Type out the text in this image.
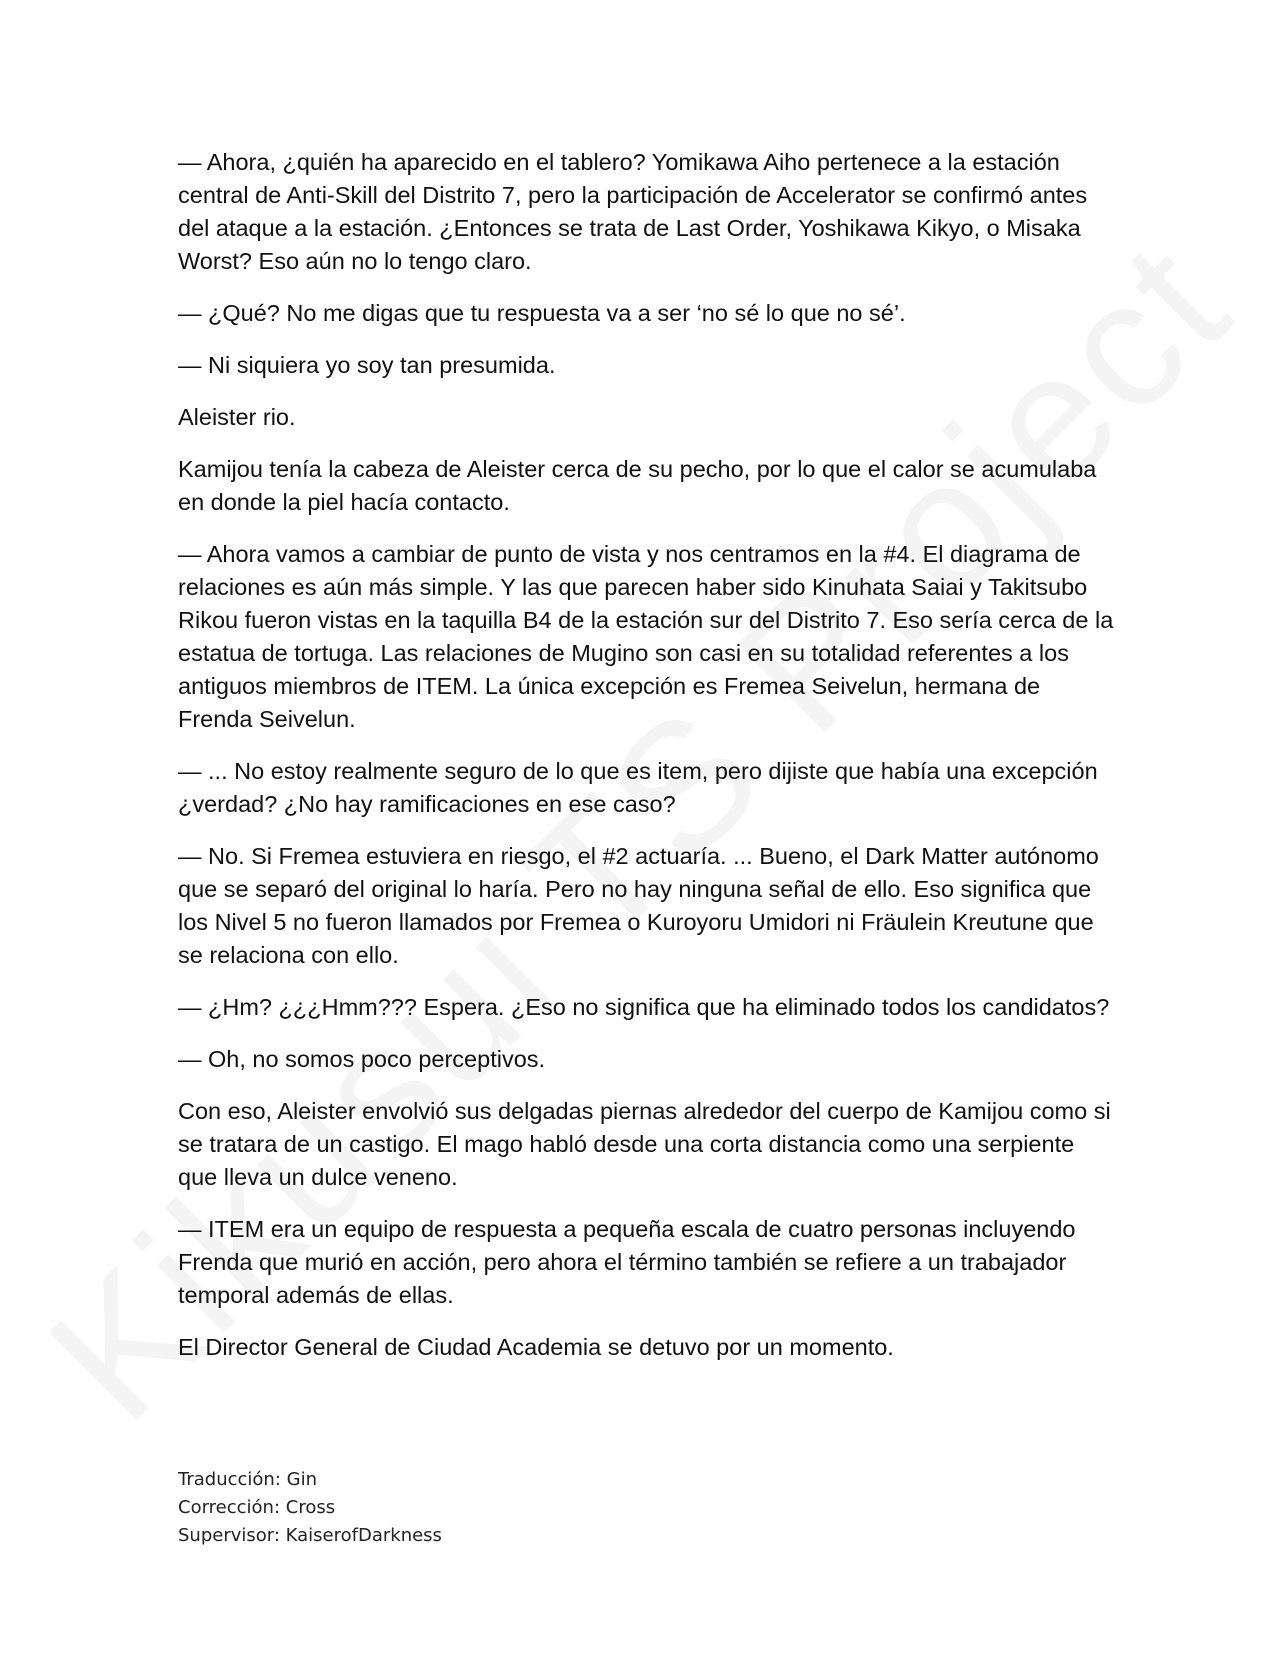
— Ahora, ¿quién ha aparecido en el tablero? Yomikawa Aiho pertenece a la estación central de Anti-Skill del Distrito 7, pero la participación de Accelerator se confirmó antes del ataque a la estación. ¿Entonces se trata de Last Order, Yoshikawa Kikyo, o Misaka Worst? Eso aún no lo tengo claro.

— ¿Qué? No me digas que tu respuesta va a ser ‘no sé lo que no sé’.

— Ni siquiera yo soy tan presumida.

Aleister rio.

Kamijou tenía la cabeza de Aleister cerca de su pecho, por lo que el calor se acumulaba en donde la piel hacía contacto.

— Ahora vamos a cambiar de punto de vista y nos centramos en la #4. El diagrama de relaciones es aún más simple. Y las que parecen haber sido Kinuhata Saiai y Takitsubo Rikou fueron vistas en la taquilla B4 de la estación sur del Distrito 7. Eso sería cerca de la estatua de tortuga. Las relaciones de Mugino son casi en su totalidad referentes a los antiguos miembros de ITEM. La única excepción es Fremea Seivelun, hermana de Frenda Seivelun.

— ... No estoy realmente seguro de lo que es item, pero dijiste que había una excepción ¿verdad? ¿No hay ramificaciones en ese caso?

— No. Si Fremea estuviera en riesgo, el #2 actuaría. ... Bueno, el Dark Matter autónomo que se separó del original lo haría. Pero no hay ninguna señal de ello. Eso significa que los Nivel 5 no fueron llamados por Fremea o Kuroyoru Umidori ni Fräulein Kreutune que se relaciona con ello.

— ¿Hm? ¿¿¿Hmm??? Espera. ¿Eso no significa que ha eliminado todos los candidatos?

— Oh, no somos poco perceptivos.

Con eso, Aleister envolvió sus delgadas piernas alrededor del cuerpo de Kamijou como si se tratara de un castigo. El mago habló desde una corta distancia como una serpiente que lleva un dulce veneno.

— ITEM era un equipo de respuesta a pequeña escala de cuatro personas incluyendo Frenda que murió en acción, pero ahora el término también se refiere a un trabajador temporal además de ellas.

El Director General de Ciudad Academia se detuvo por un momento.

Traducción: Gin
Corrección: Cross
Supervisor: KaiserofDarkness
